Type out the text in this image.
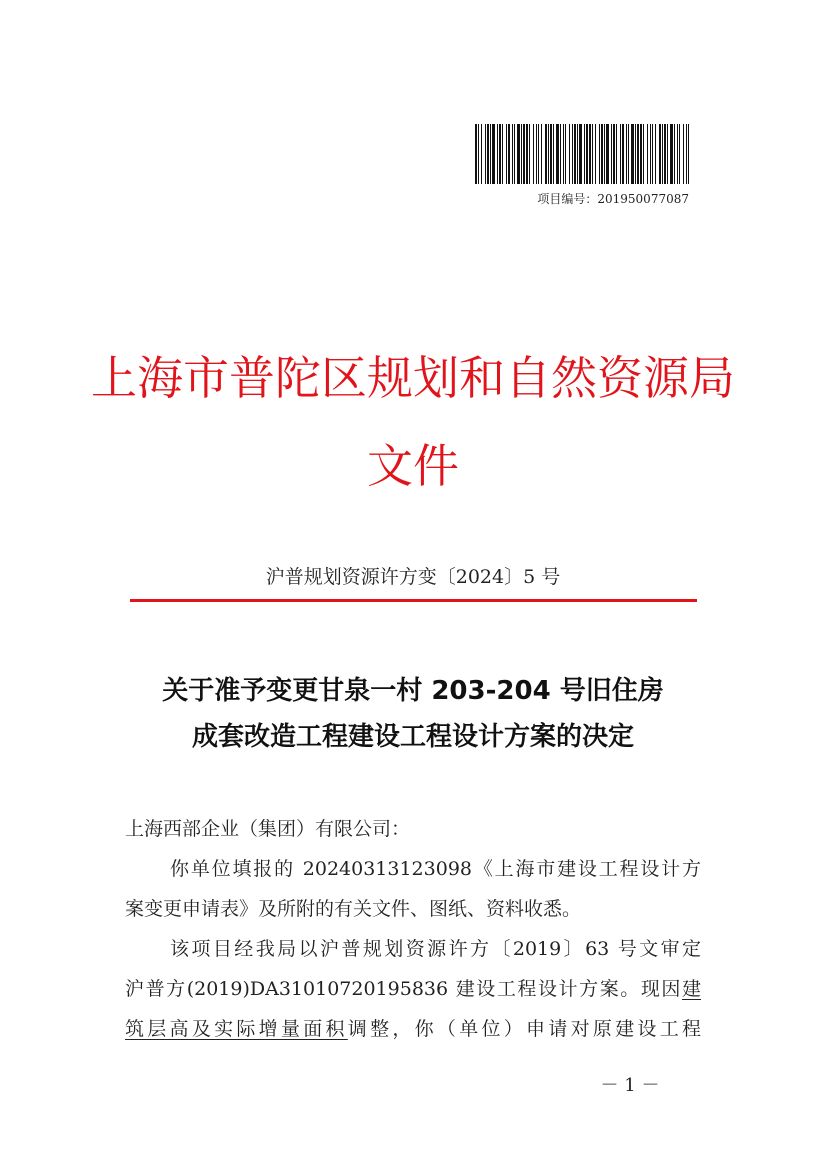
项目编号：201950077087
上海市普陀区规划和自然资源局
文件
沪普规划资源许方变〔2024〕5 号
关于准予变更甘泉一村 203-204 号旧住房
成套改造工程建设工程设计方案的决定
上海西部企业（集团）有限公司：
你单位填报的 20240313123098《上海市建设工程设计方
案变更申请表》及所附的有关文件、图纸、资料收悉。
该项目经我局以沪普规划资源许方〔2019〕63 号文审定
沪普方(2019)DA31010720195836 建设工程设计方案。现因建
筑层高及实际增量面积调整，你（单位）申请对原建设工程
－ 1 －
